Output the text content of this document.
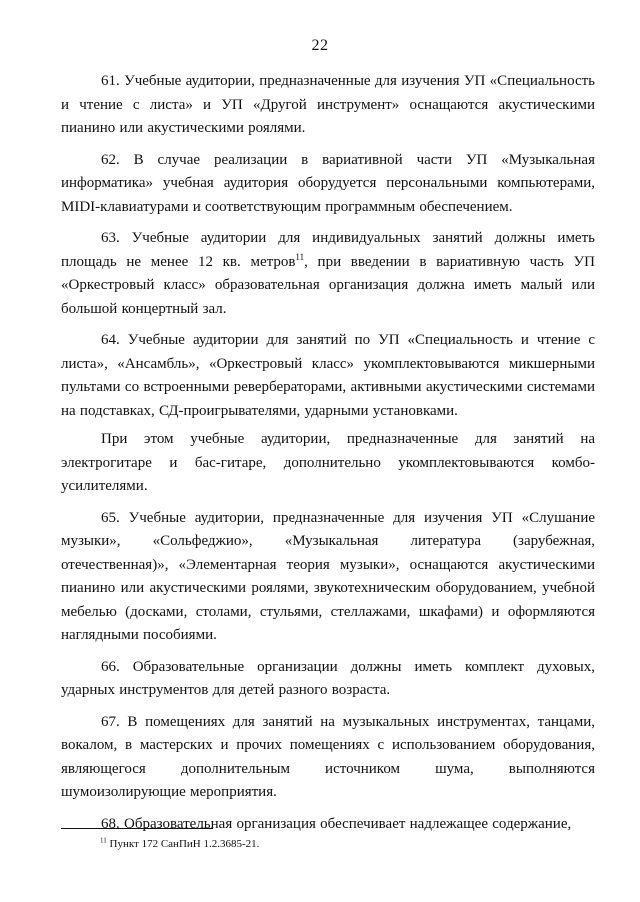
22

61. Учебные аудитории, предназначенные для изучения УП «Специальность и чтение с листа» и УП «Другой инструмент» оснащаются акустическими пианино или акустическими роялями.

62. В случае реализации в вариативной части УП «Музыкальная информатика» учебная аудитория оборудуется персональными компьютерами, MIDI-клавиатурами и соответствующим программным обеспечением.

63. Учебные аудитории для индивидуальных занятий должны иметь площадь не менее 12 кв. метров$^{11}$, при введении в вариативную часть УП «Оркестровый класс» образовательная организация должна иметь малый или большой концертный зал.

64. Учебные аудитории для занятий по УП «Специальность и чтение с листа», «Ансамбль», «Оркестровый класс» укомплектовываются микшерными пультами со встроенными ревербераторами, активными акустическими системами на подставках, СД-проигрывателями, ударными установками.

При этом учебные аудитории, предназначенные для занятий на электрогитаре и бас-гитаре, дополнительно укомплектовываются комбо-усилителями.

65. Учебные аудитории, предназначенные для изучения УП «Слушание музыки», «Сольфеджио», «Музыкальная литература (зарубежная, отечественная)», «Элементарная теория музыки», оснащаются акустическими пианино или акустическими роялями, звукотехническим оборудованием, учебной мебелью (досками, столами, стульями, стеллажами, шкафами) и оформляются наглядными пособиями.

66. Образовательные организации должны иметь комплект духовых, ударных инструментов для детей разного возраста.

67. В помещениях для занятий на музыкальных инструментах, танцами, вокалом, в мастерских и прочих помещениях с использованием оборудования, являющегося дополнительным источником шума, выполняются шумоизолирующие мероприятия.

68. Образовательная организация обеспечивает надлежащее содержание,

$^{11}$ Пункт 172 СанПиН 1.2.3685-21.
